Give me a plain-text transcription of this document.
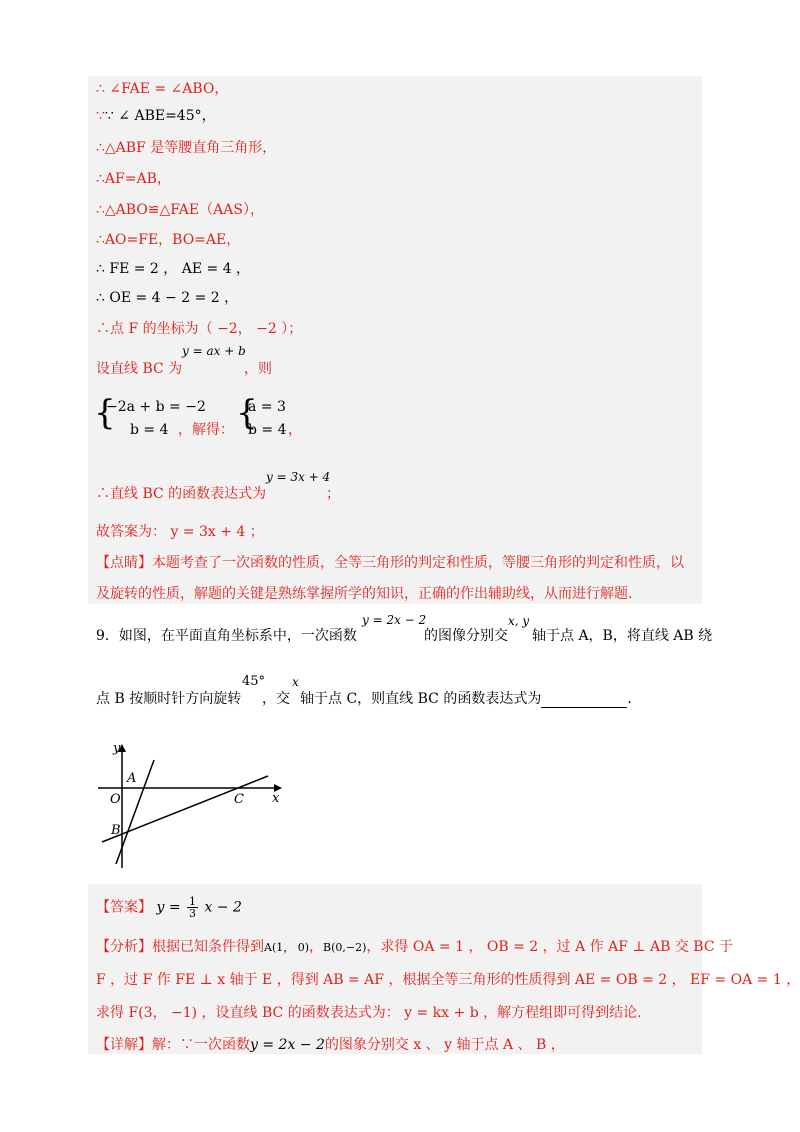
∴ ∠FAE = ∠ABO，
∵∵ ∠ ABE=45°，
∴△ABF 是等腰直角三角形，
∴AF=AB，
∴△ABO≌△FAE（AAS），
∴AO=FE，BO=AE，
∴ FE = 2 ， AE = 4 ，
∴ OE = 4 − 2 = 2 ，
∴点 F 的坐标为（ −2， −2 ）；
设直线 BC 为
y = ax + b
，则
{
−2a + b = −2
b = 4 ，解得： {
a = 3
b = 4 ，
∴直线 BC 的函数表达式为
y = 3x + 4
；
故答案为： y = 3x + 4 ；
【点睛】本题考查了一次函数的性质，全等三角形的判定和性质，等腰三角形的判定和性质，以
及旋转的性质，解题的关键是熟练掌握所学的知识，正确的作出辅助线，从而进行解题.
9．如图，在平面直角坐标系中，一次函数
y = 2x − 2
的图像分别交
x, y
轴于点 A，B，将直线 AB 绕
点 B 按顺时针方向旋转
45°
，交
x
轴于点 C，则直线 BC 的函数表达式为	.
y
x
A
O	C
B
【答案】 $y = \frac{1}{3}$ x − 2
【分析】根据已知条件得到A(1， 0)，B(0,−2)，求得 OA = 1 ， OB = 2 ，过 A 作 AF ⊥ AB 交 BC 于
F ，过 F 作 FE ⊥ x 轴于 E ，得到 AB = AF ，根据全等三角形的性质得到 AE = OB = 2 ， EF = OA = 1 ，
求得 F(3， −1) ，设直线 BC 的函数表达式为： y = kx + b ，解方程组即可得到结论.
【详解】解：∵一次函数y = 2x − 2的图象分别交 x 、 y 轴于点 A 、 B ，
